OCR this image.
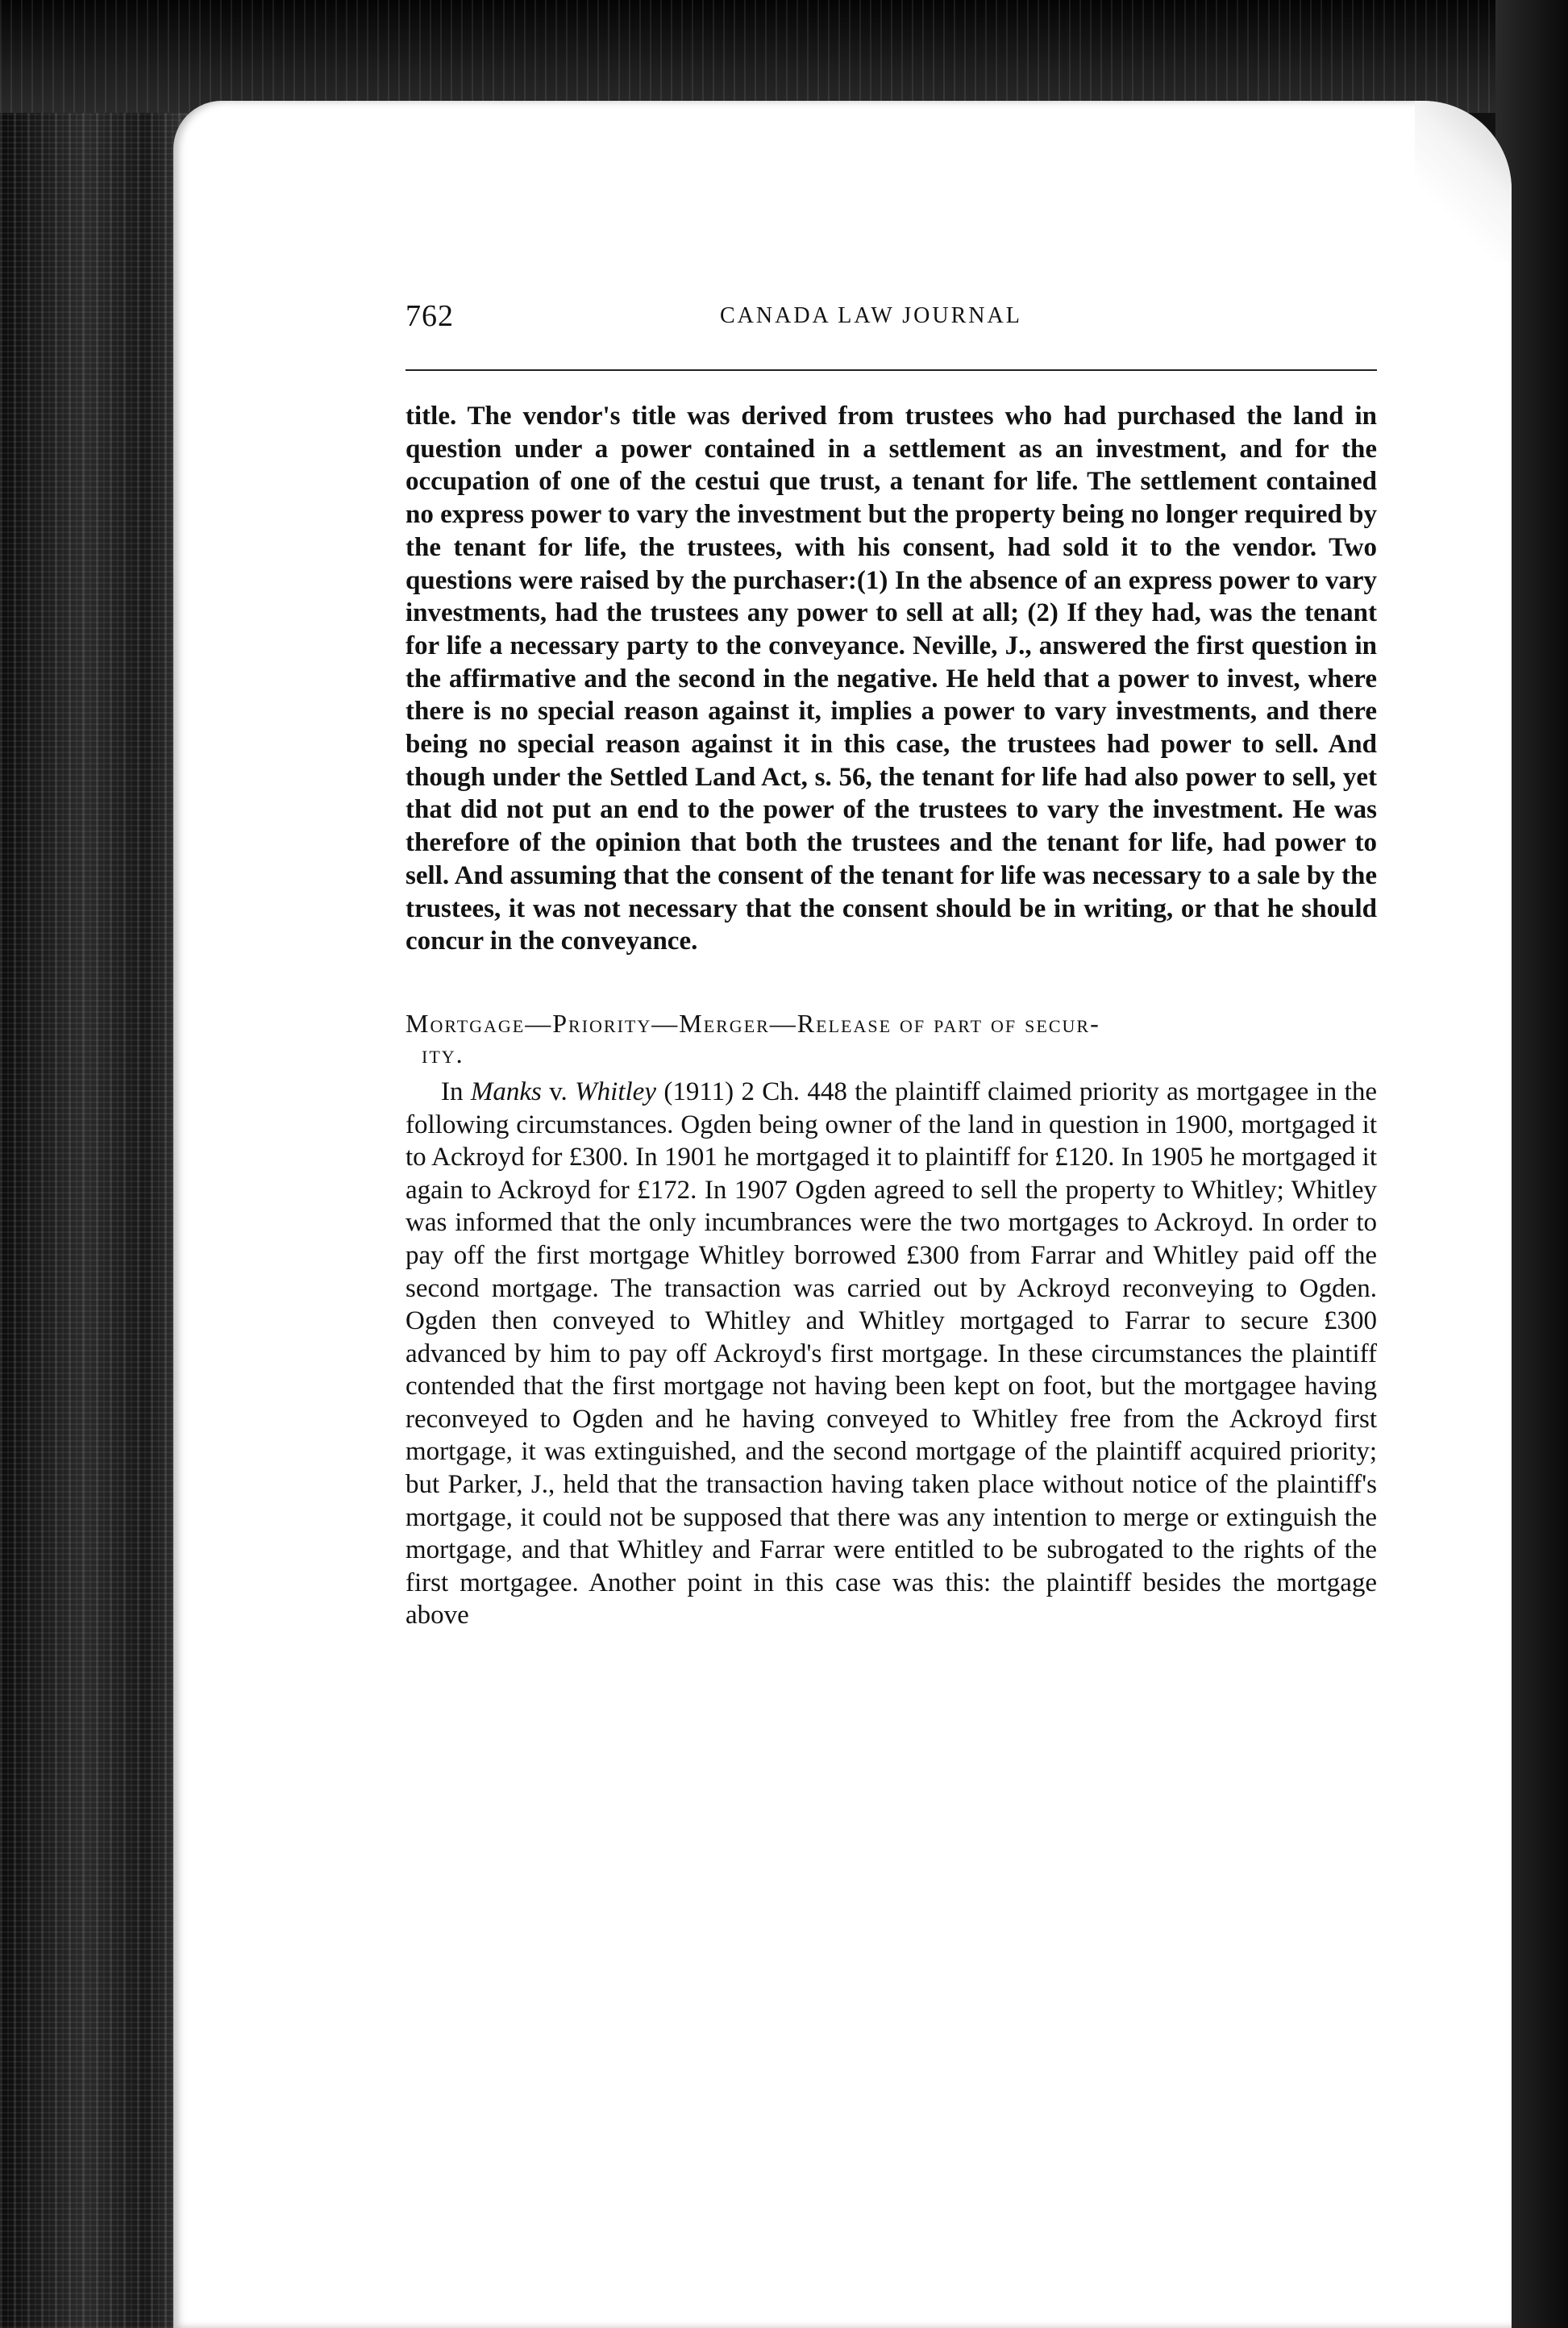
762	CANADA LAW JOURNAL

title. The vendor's title was derived from trustees who had purchased the land in question under a power contained in a settlement as an investment, and for the occupation of one of the cestui que trust, a tenant for life. The settlement contained no express power to vary the investment but the property being no longer required by the tenant for life, the trustees, with his consent, had sold it to the vendor. Two questions were raised by the purchaser:(1) In the absence of an express power to vary investments, had the trustees any power to sell at all; (2) If they had, was the tenant for life a necessary party to the conveyance. Neville, J., answered the first question in the affirmative and the second in the negative. He held that a power to invest, where there is no special reason against it, implies a power to vary investments, and there being no special reason against it in this case, the trustees had power to sell. And though under the Settled Land Act, s. 56, the tenant for life had also power to sell, yet that did not put an end to the power of the trustees to vary the investment. He was therefore of the opinion that both the trustees and the tenant for life, had power to sell. And assuming that the consent of the tenant for life was necessary to a sale by the trustees, it was not necessary that the consent should be in writing, or that he should concur in the conveyance.

Mortgage—Priority—Merger—Release of part of secur-
ity.

In Manks v. Whitley (1911) 2 Ch. 448 the plaintiff claimed priority as mortgagee in the following circumstances. Ogden being owner of the land in question in 1900, mortgaged it to Ackroyd for £300. In 1901 he mortgaged it to plaintiff for £120. In 1905 he mortgaged it again to Ackroyd for £172. In 1907 Ogden agreed to sell the property to Whitley; Whitley was informed that the only incumbrances were the two mortgages to Ackroyd. In order to pay off the first mortgage Whitley borrowed £300 from Farrar and Whitley paid off the second mortgage. The transaction was carried out by Ackroyd reconveying to Ogden. Ogden then conveyed to Whitley and Whitley mortgaged to Farrar to secure £300 advanced by him to pay off Ackroyd's first mortgage. In these circumstances the plaintiff contended that the first mortgage not having been kept on foot, but the mortgagee having reconveyed to Ogden and he having conveyed to Whitley free from the Ackroyd first mortgage, it was extinguished, and the second mortgage of the plaintiff acquired priority; but Parker, J., held that the transaction having taken place without notice of the plaintiff's mortgage, it could not be supposed that there was any intention to merge or extinguish the mortgage, and that Whitley and Farrar were entitled to be subrogated to the rights of the first mortgagee. Another point in this case was this: the plaintiff besides the mortgage above
